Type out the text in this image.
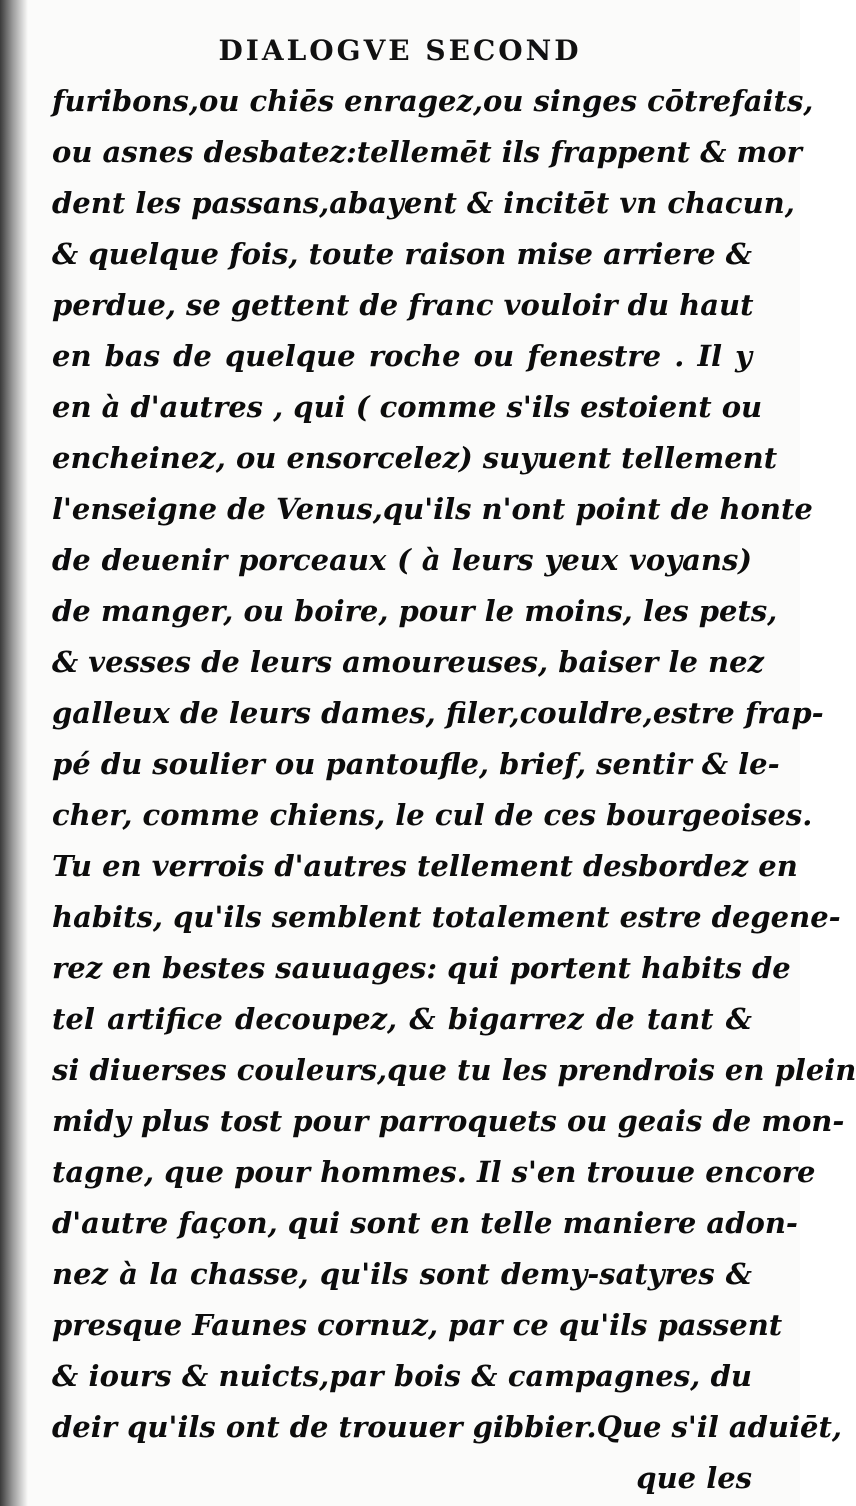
DIALOGVE SECOND
furibons,ou chiēs enragez,ou singes cōtrefaits,
ou asnes desbatez:tellemēt ils frappent & mor
dent les passans,abayent & incitēt vn chacun,
& quelque fois, toute raison mise arriere &
perdue, se gettent de franc vouloir du haut
en bas de quelque roche ou fenestre . Il y
en à d'autres , qui ( comme s'ils estoient ou
encheinez, ou ensorcelez) suyuent tellement
l'enseigne de Venus,qu'ils n'ont point de honte
de deuenir porceaux ( à leurs yeux voyans)
de manger, ou boire, pour le moins, les pets,
& vesses de leurs amoureuses, baiser le nez
galleux de leurs dames, filer,couldre,estre frap-
pé du soulier ou pantoufle, brief, sentir & le-
cher, comme chiens, le cul de ces bourgeoises.
Tu en verrois d'autres tellement desbordez en
habits, qu'ils semblent totalement estre degene-
rez en bestes sauuages: qui portent habits de
tel artifice decoupez, & bigarrez de tant &
si diuerses couleurs,que tu les prendrois en plein
midy plus tost pour parroquets ou geais de mon-
tagne, que pour hommes. Il s'en trouue encore
d'autre façon, qui sont en telle maniere adon-
nez à la chasse, qu'ils sont demy-satyres &
presque Faunes cornuz, par ce qu'ils passent
& iours & nuicts,par bois & campagnes, du
deir qu'ils ont de trouuer gibbier.Que s'il aduiēt,
que les
